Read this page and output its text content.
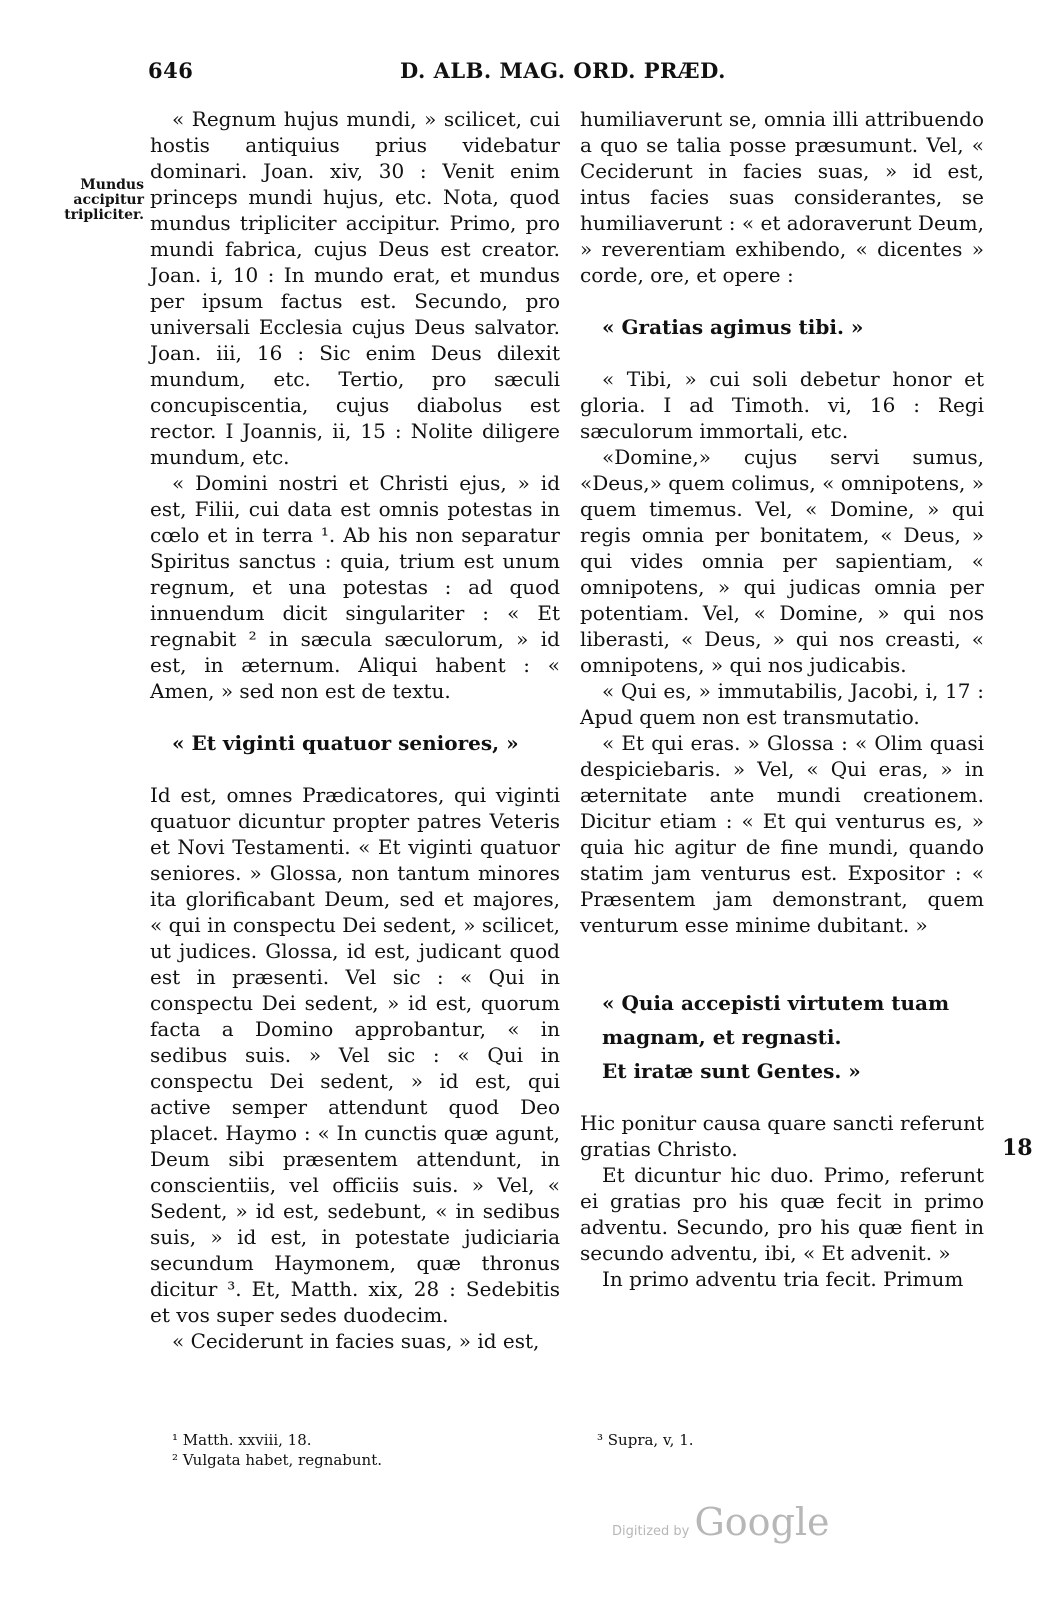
646	D. ALB. MAG. ORD. PRÆD.
Mundus
accipitur
tripliciter.

« Regnum hujus mundi, » scilicet, cui hostis antiquius prius videbatur dominari. Joan. xiv, 30 : Venit enim princeps mundi hujus, etc. Nota, quod mundus tripliciter accipitur. Primo, pro mundi fabrica, cujus Deus est creator. Joan. i, 10 : In mundo erat, et mundus per ipsum factus est. Secundo, pro universali Ecclesia cujus Deus salvator. Joan. iii, 16 : Sic enim Deus dilexit mundum, etc. Tertio, pro sæculi concupiscentia, cujus diabolus est rector. I Joannis, ii, 15 : Nolite diligere mundum, etc.

« Domini nostri et Christi ejus, » id est, Filii, cui data est omnis potestas in cœlo et in terra ¹. Ab his non separatur Spiritus sanctus : quia, trium est unum regnum, et una potestas : ad quod innuendum dicit singulariter : « Et regnabit ² in sæcula sæculorum, » id est, in æternum. Aliqui habent : « Amen, » sed non est de textu.

« Et viginti quatuor seniores, »

Id est, omnes Prædicatores, qui viginti quatuor dicuntur propter patres Veteris et Novi Testamenti. « Et viginti quatuor seniores. » Glossa, non tantum minores ita glorificabant Deum, sed et majores, « qui in conspectu Dei sedent, » scilicet, ut judices. Glossa, id est, judicant quod est in præsenti. Vel sic : « Qui in conspectu Dei sedent, » id est, quorum facta a Domino approbantur, « in sedibus suis. » Vel sic : « Qui in conspectu Dei sedent, » id est, qui active semper attendunt quod Deo placet. Haymo : « In cunctis quæ agunt, Deum sibi præsentem attendunt, in conscientiis, vel officiis suis. » Vel, « Sedent, » id est, sedebunt, « in sedibus suis, » id est, in potestate judiciaria secundum Haymonem, quæ thronus dicitur ³. Et, Matth. xix, 28 : Sedebitis et vos super sedes duodecim.

« Ceciderunt in facies suas, » id est,

humiliaverunt se, omnia illi attribuendo a quo se talia posse præsumunt. Vel, « Ceciderunt in facies suas, » id est, intus facies suas considerantes, se humiliaverunt : « et adoraverunt Deum, » reverentiam exhibendo, « dicentes » corde, ore, et opere :

« Gratias agimus tibi. »

« Tibi, » cui soli debetur honor et gloria. I ad Timoth. vi, 16 : Regi sæculorum immortali, etc.

«Domine,» cujus servi sumus, «Deus,» quem colimus, « omnipotens, » quem timemus. Vel, « Domine, » qui regis omnia per bonitatem, « Deus, » qui vides omnia per sapientiam, « omnipotens, » qui judicas omnia per potentiam. Vel, « Domine, » qui nos liberasti, « Deus, » qui nos creasti, « omnipotens, » qui nos judicabis.

« Qui es, » immutabilis, Jacobi, i, 17 : Apud quem non est transmutatio.

« Et qui eras. » Glossa : « Olim quasi despiciebaris. » Vel, « Qui eras, » in æternitate ante mundi creationem. Dicitur etiam : « Et qui venturus es, » quia hic agitur de fine mundi, quando statim jam venturus est. Expositor : « Præsentem jam demonstrant, quem venturum esse minime dubitant. »

« Quia accepisti virtutem tuam magnam, et regnasti.

Et iratæ sunt Gentes. »

Hic ponitur causa quare sancti referunt gratias Christo.

Et dicuntur hic duo. Primo, referunt ei gratias pro his quæ fecit in primo adventu. Secundo, pro his quæ fient in secundo adventu, ibi, « Et advenit. »

In primo adventu tria fecit. Primum

18
¹ Matth. xxviii, 18.
² Vulgata habet, regnabunt.
³ Supra, v, 1.
Digitized by Google
